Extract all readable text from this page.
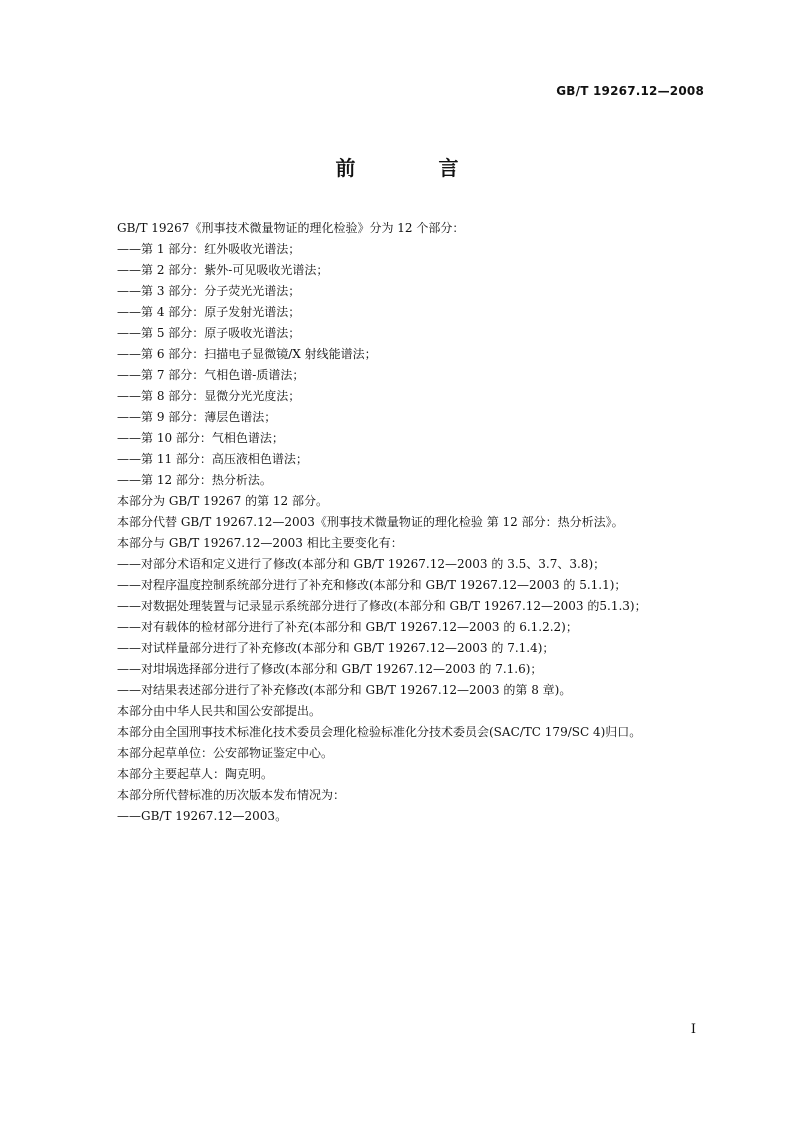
GB/T 19267.12—2008
前 言
GB/T 19267《刑事技术微量物证的理化检验》分为 12 个部分：
——第 1 部分：红外吸收光谱法；
——第 2 部分：紫外-可见吸收光谱法；
——第 3 部分：分子荧光光谱法；
——第 4 部分：原子发射光谱法；
——第 5 部分：原子吸收光谱法；
——第 6 部分：扫描电子显微镜/X 射线能谱法；
——第 7 部分：气相色谱-质谱法；
——第 8 部分：显微分光光度法；
——第 9 部分：薄层色谱法；
——第 10 部分：气相色谱法；
——第 11 部分：高压液相色谱法；
——第 12 部分：热分析法。
本部分为 GB/T 19267 的第 12 部分。
本部分代替 GB/T 19267.12—2003《刑事技术微量物证的理化检验 第 12 部分：热分析法》。
本部分与 GB/T 19267.12—2003 相比主要变化有：
——对部分术语和定义进行了修改(本部分和 GB/T 19267.12—2003 的 3.5、3.7、3.8)；
——对程序温度控制系统部分进行了补充和修改(本部分和 GB/T 19267.12—2003 的 5.1.1)；
——对数据处理装置与记录显示系统部分进行了修改(本部分和 GB/T 19267.12—2003 的5.1.3)；
——对有载体的检材部分进行了补充(本部分和 GB/T 19267.12—2003 的 6.1.2.2)；
——对试样量部分进行了补充修改(本部分和 GB/T 19267.12—2003 的 7.1.4)；
——对坩埚选择部分进行了修改(本部分和 GB/T 19267.12—2003 的 7.1.6)；
——对结果表述部分进行了补充修改(本部分和 GB/T 19267.12—2003 的第 8 章)。
本部分由中华人民共和国公安部提出。
本部分由全国刑事技术标准化技术委员会理化检验标准化分技术委员会(SAC/TC 179/SC 4)归口。
本部分起草单位：公安部物证鉴定中心。
本部分主要起草人：陶克明。
本部分所代替标准的历次版本发布情况为：
——GB/T 19267.12—2003。
I
